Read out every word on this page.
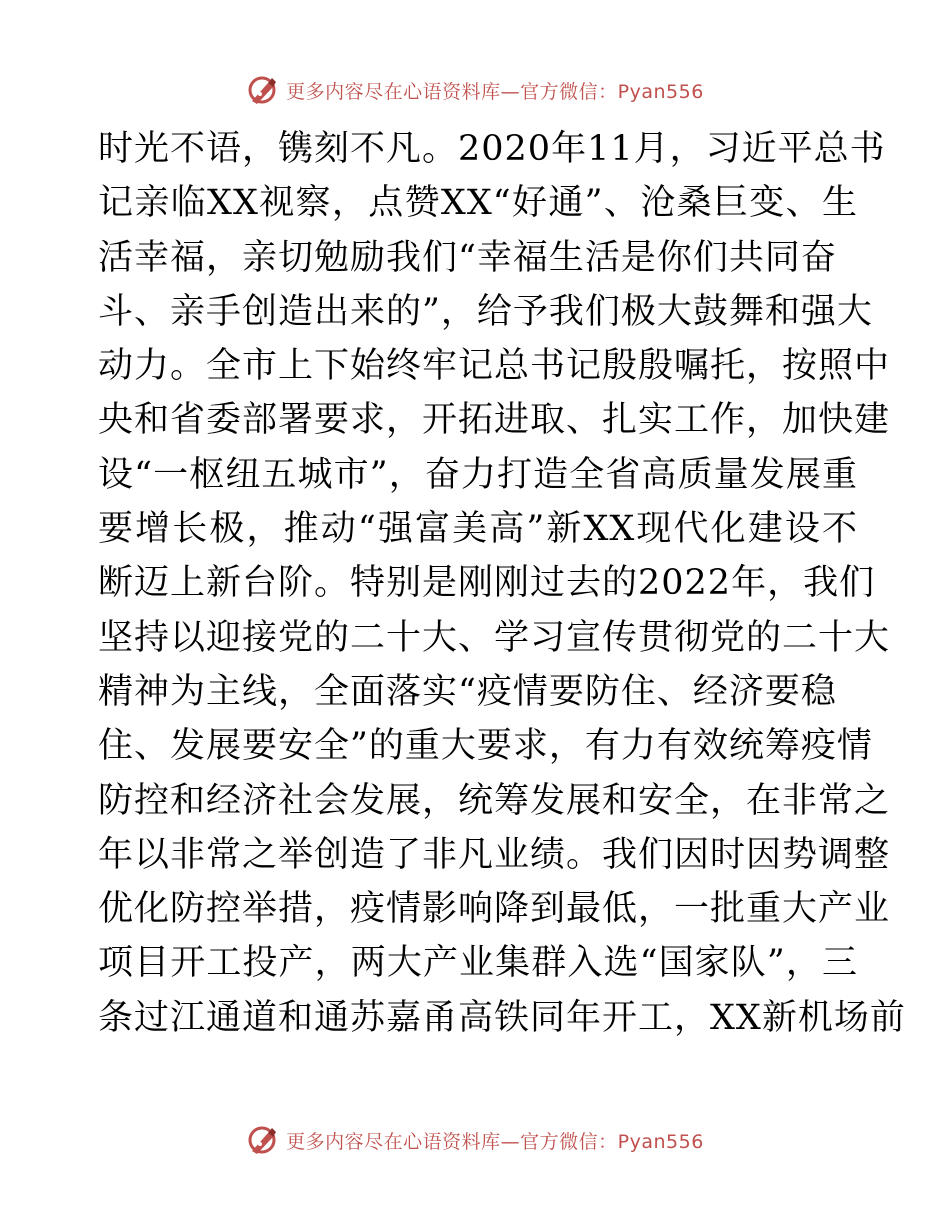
更多内容尽在心语资料库—官方微信：Pyan556
时光不语，镌刻不凡。2020年11月，习近平总书
记亲临XX视察，点赞XX“好通”、沧桑巨变、生
活幸福，亲切勉励我们“幸福生活是你们共同奋
斗、亲手创造出来的”，给予我们极大鼓舞和强大
动力。全市上下始终牢记总书记殷殷嘱托，按照中
央和省委部署要求，开拓进取、扎实工作，加快建
设“一枢纽五城市”，奋力打造全省高质量发展重
要增长极，推动“强富美高”新XX现代化建设不
断迈上新台阶。特别是刚刚过去的2022年，我们
坚持以迎接党的二十大、学习宣传贯彻党的二十大
精神为主线，全面落实“疫情要防住、经济要稳
住、发展要安全”的重大要求，有力有效统筹疫情
防控和经济社会发展，统筹发展和安全，在非常之
年以非常之举创造了非凡业绩。我们因时因势调整
优化防控举措，疫情影响降到最低，一批重大产业
项目开工投产，两大产业集群入选“国家队”，三
条过江通道和通苏嘉甬高铁同年开工，XX新机场前
更多内容尽在心语资料库—官方微信：Pyan556
